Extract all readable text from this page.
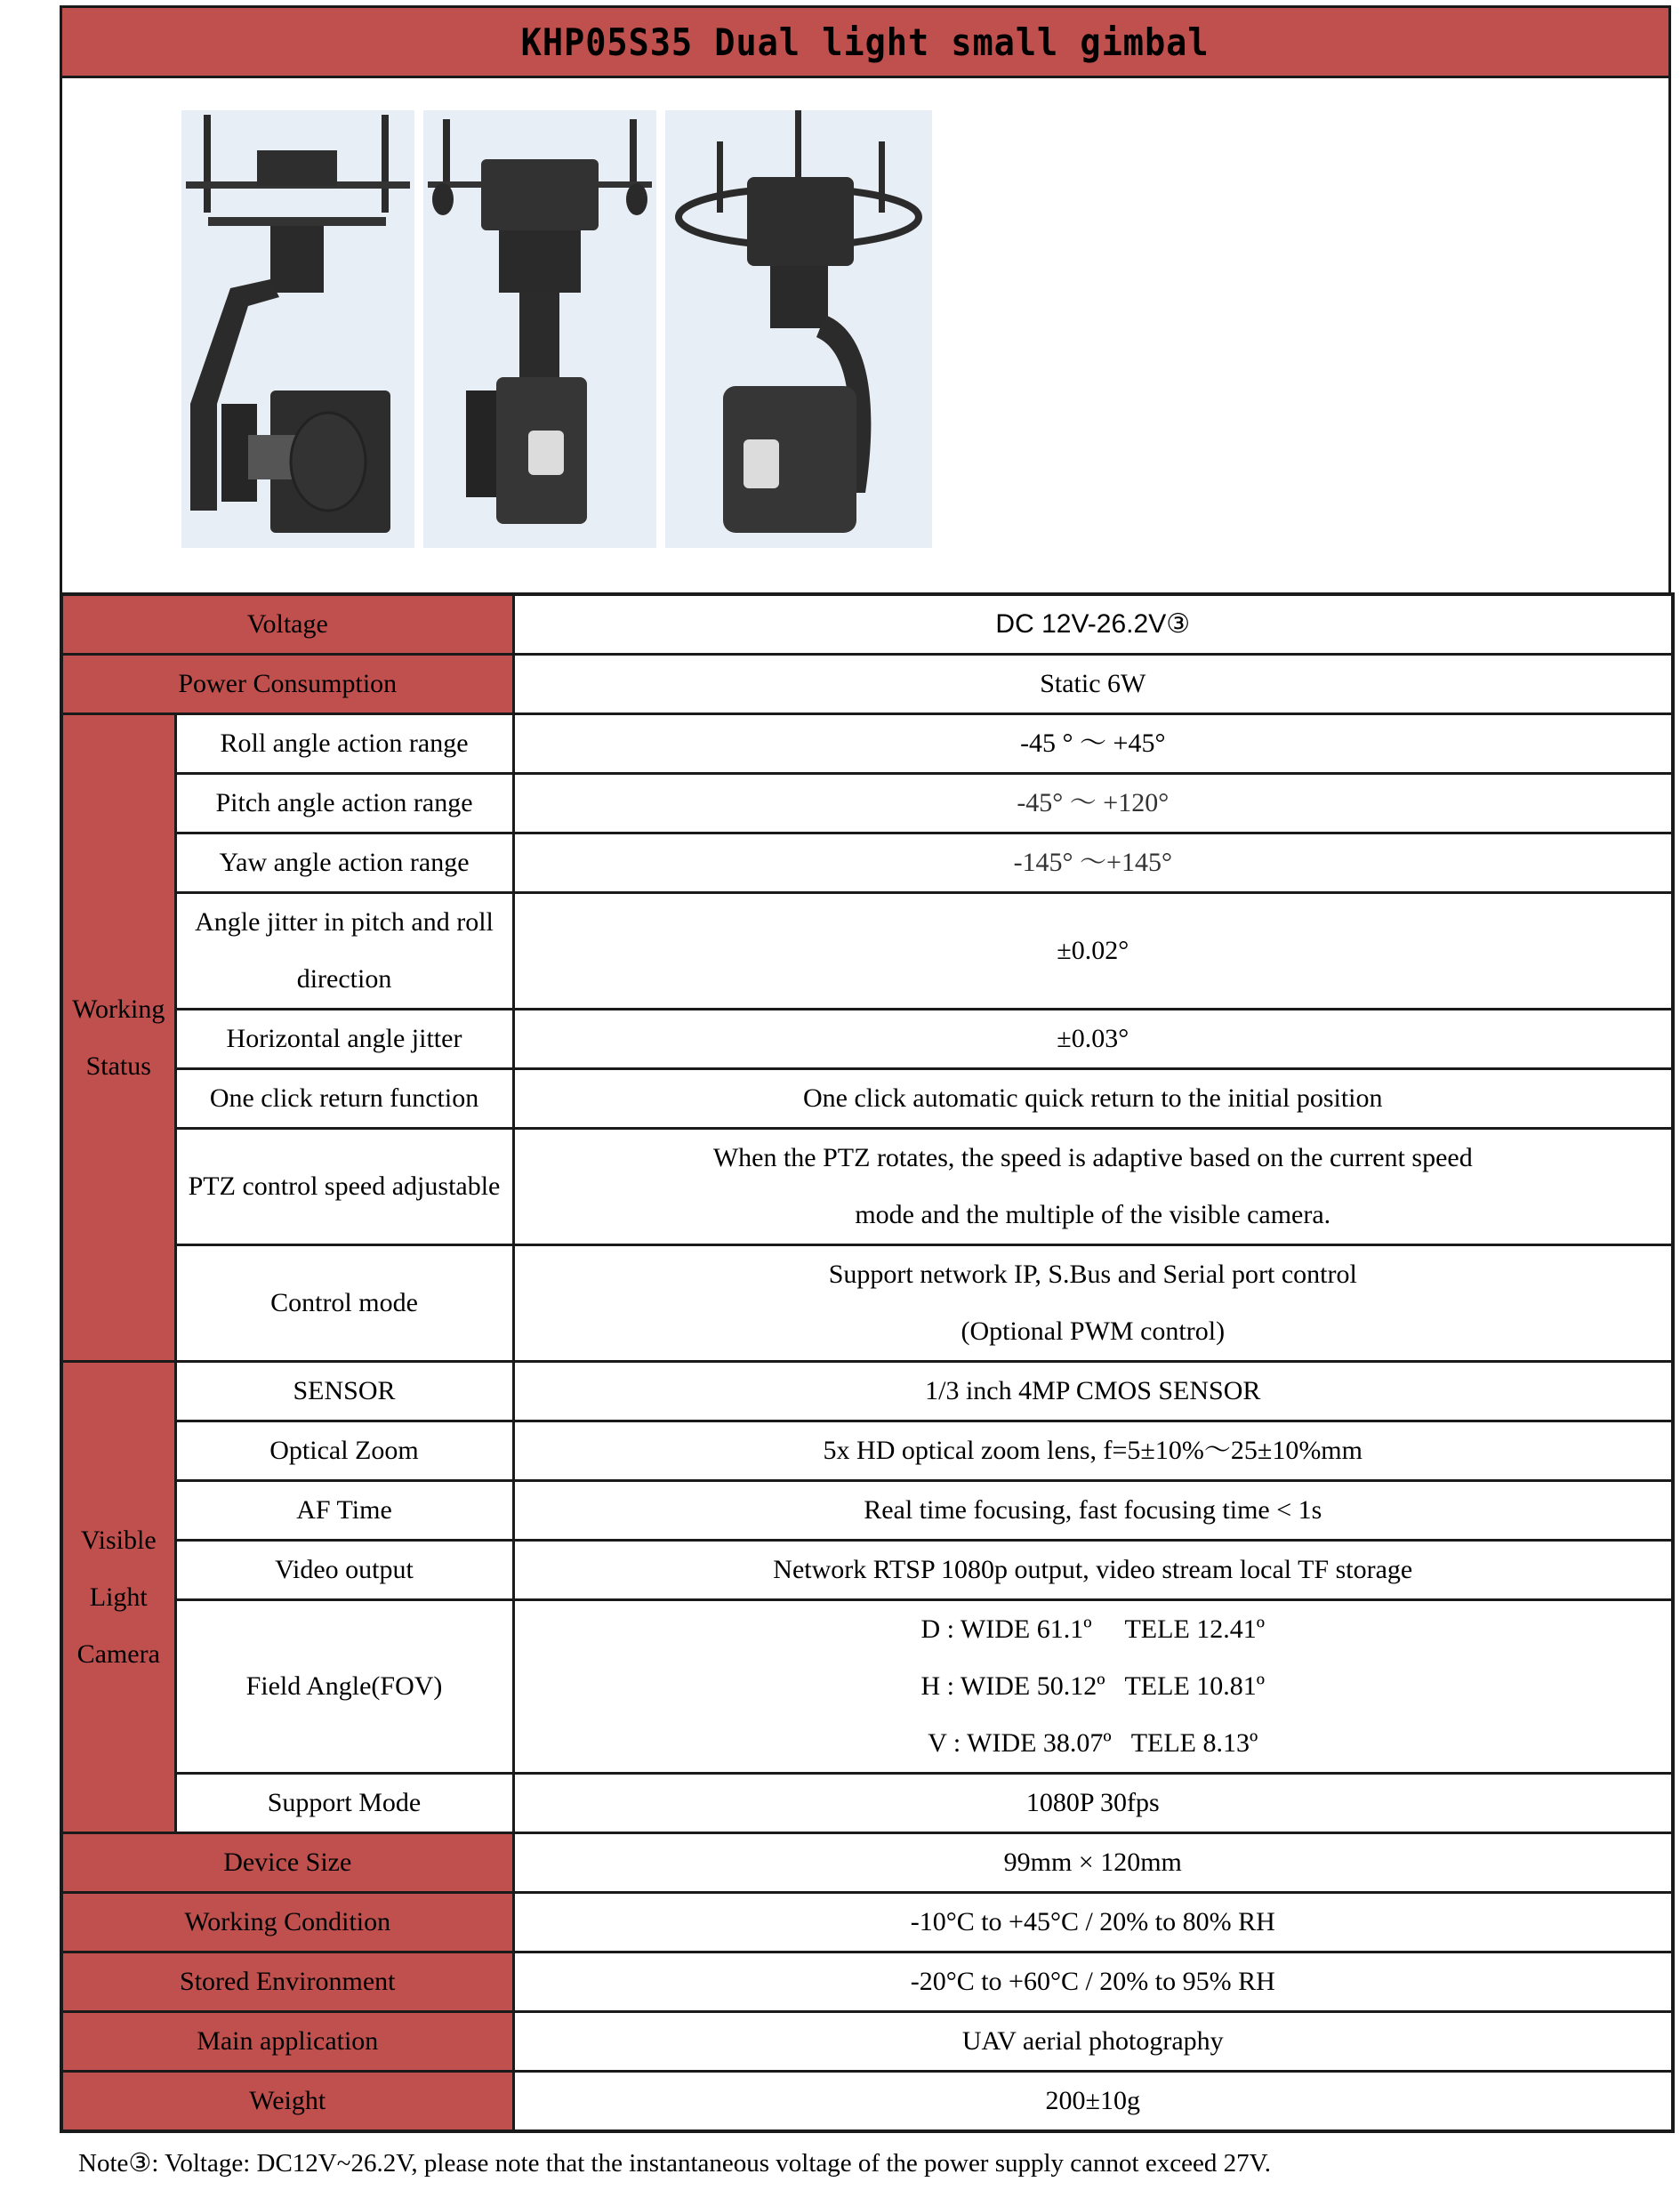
KHP05S35 Dual light small gimbal
Voltage		DC 12V-26.2V③
Power Consumption		Static 6W

Working
Status	Roll angle action range	-45 ° ～ +45°
	Pitch angle action range	-45° ～ +120°
	Yaw angle action range	-145° ～+145°
	Angle jitter in pitch and roll direction	±0.02°
	Horizontal angle jitter	±0.03°
	One click return function	One click automatic quick return to the initial position
	PTZ control speed adjustable	When the PTZ rotates, the speed is adaptive based on the current speed
mode and the multiple of the visible camera.

	Control mode	Support network IP, S.Bus and Serial port control
(Optional PWM control)

Visible
Light
Camera	SENSOR	1/3 inch 4MP CMOS SENSOR
	Optical Zoom	5x HD optical zoom lens, f=5±10%～25±10%mm
	AF Time	Real time focusing, fast focusing time < 1s
	Video output	Network RTSP 1080p output, video stream local TF storage
	Field Angle(FOV)	D : WIDE 61.1º     TELE 12.41º
H : WIDE 50.12º   TELE 10.81º
V : WIDE 38.07º   TELE 8.13º

	Support Mode	1080P 30fps
Device Size		99mm × 120mm
Working Condition		-10°C to +45°C / 20% to 80% RH
Stored Environment		-20°C to +60°C / 20% to 95% RH
Main application		UAV aerial photography
Weight		200±10g
Note③: Voltage: DC12V~26.2V, please note that the instantaneous voltage of the power supply cannot exceed 27V.
